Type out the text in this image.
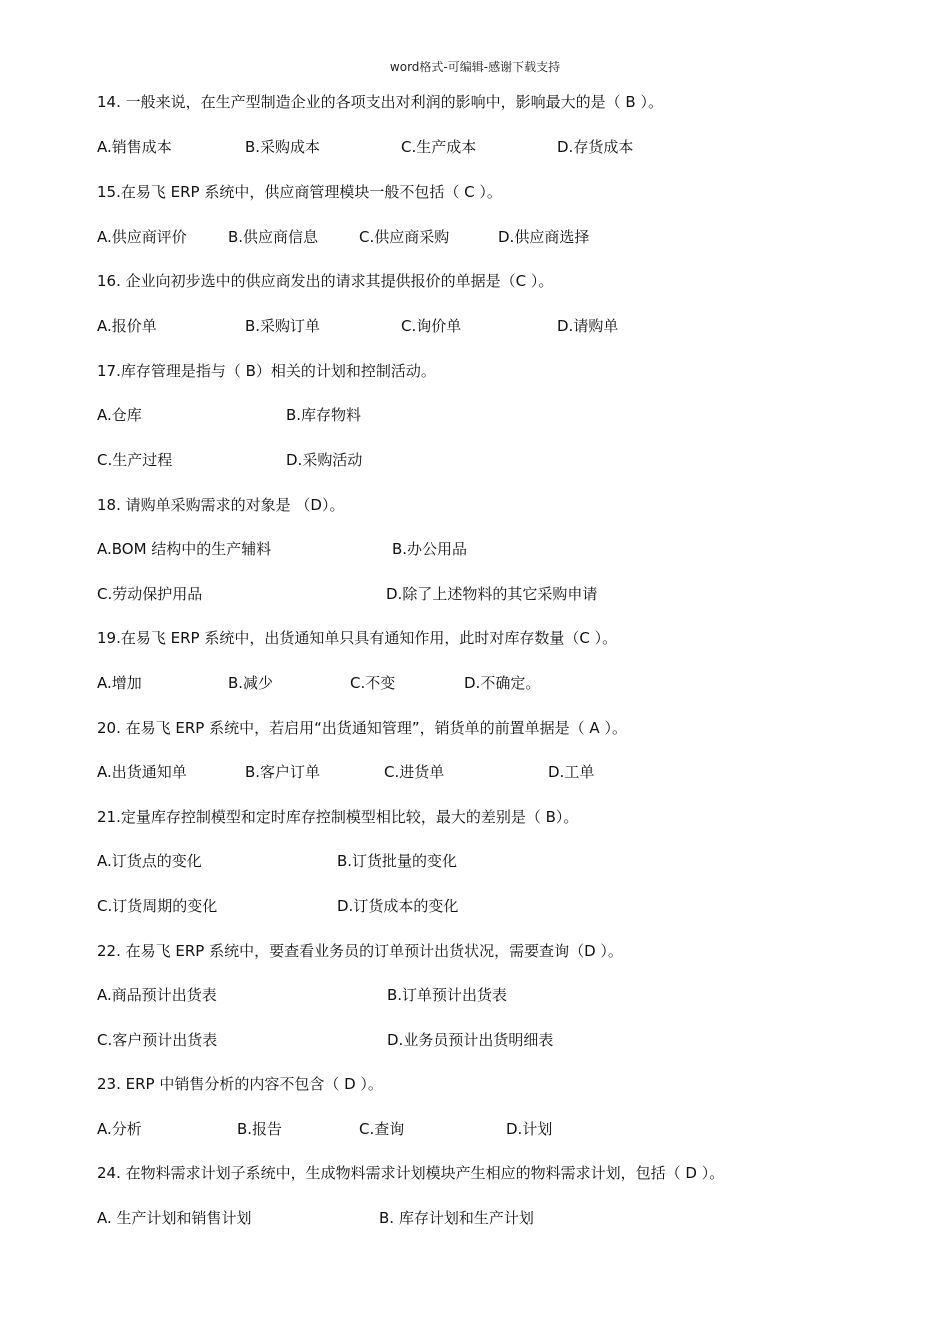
word格式-可编辑-感谢下载支持
14. 一般来说，在生产型制造企业的各项支出对利润的影响中，影响最大的是（ B ）。
A.销售成本	B.采购成本	C.生产成本	D.存货成本
15.在易飞 ERP 系统中，供应商管理模块一般不包括（ C ）。
A.供应商评价	B.供应商信息	C.供应商采购	D.供应商选择
16. 企业向初步选中的供应商发出的请求其提供报价的单据是（C ）。
A.报价单	B.采购订单	C.询价单	D.请购单
17.库存管理是指与（ B）相关的计划和控制活动。
A.仓库	B.库存物料
C.生产过程	D.采购活动
18. 请购单采购需求的对象是 （D）。
A.BOM 结构中的生产辅料	B.办公用品
C.劳动保护用品	D.除了上述物料的其它采购申请
19.在易飞 ERP 系统中，出货通知单只具有通知作用，此时对库存数量（C ）。
A.增加	B.减少	C.不变	D.不确定。
20. 在易飞 ERP 系统中，若启用“出货通知管理”，销货单的前置单据是（ A ）。
A.出货通知单	B.客户订单	C.进货单	D.工单
21.定量库存控制模型和定时库存控制模型相比较，最大的差别是（ B）。
A.订货点的变化	B.订货批量的变化
C.订货周期的变化	D.订货成本的变化
22. 在易飞 ERP 系统中，要查看业务员的订单预计出货状况，需要查询（D ）。
A.商品预计出货表	B.订单预计出货表
C.客户预计出货表	D.业务员预计出货明细表
23. ERP 中销售分析的内容不包含（ D ）。
A.分析	B.报告	C.查询	D.计划
24. 在物料需求计划子系统中，生成物料需求计划模块产生相应的物料需求计划，包括（ D ）。
A. 生产计划和销售计划	B. 库存计划和生产计划
